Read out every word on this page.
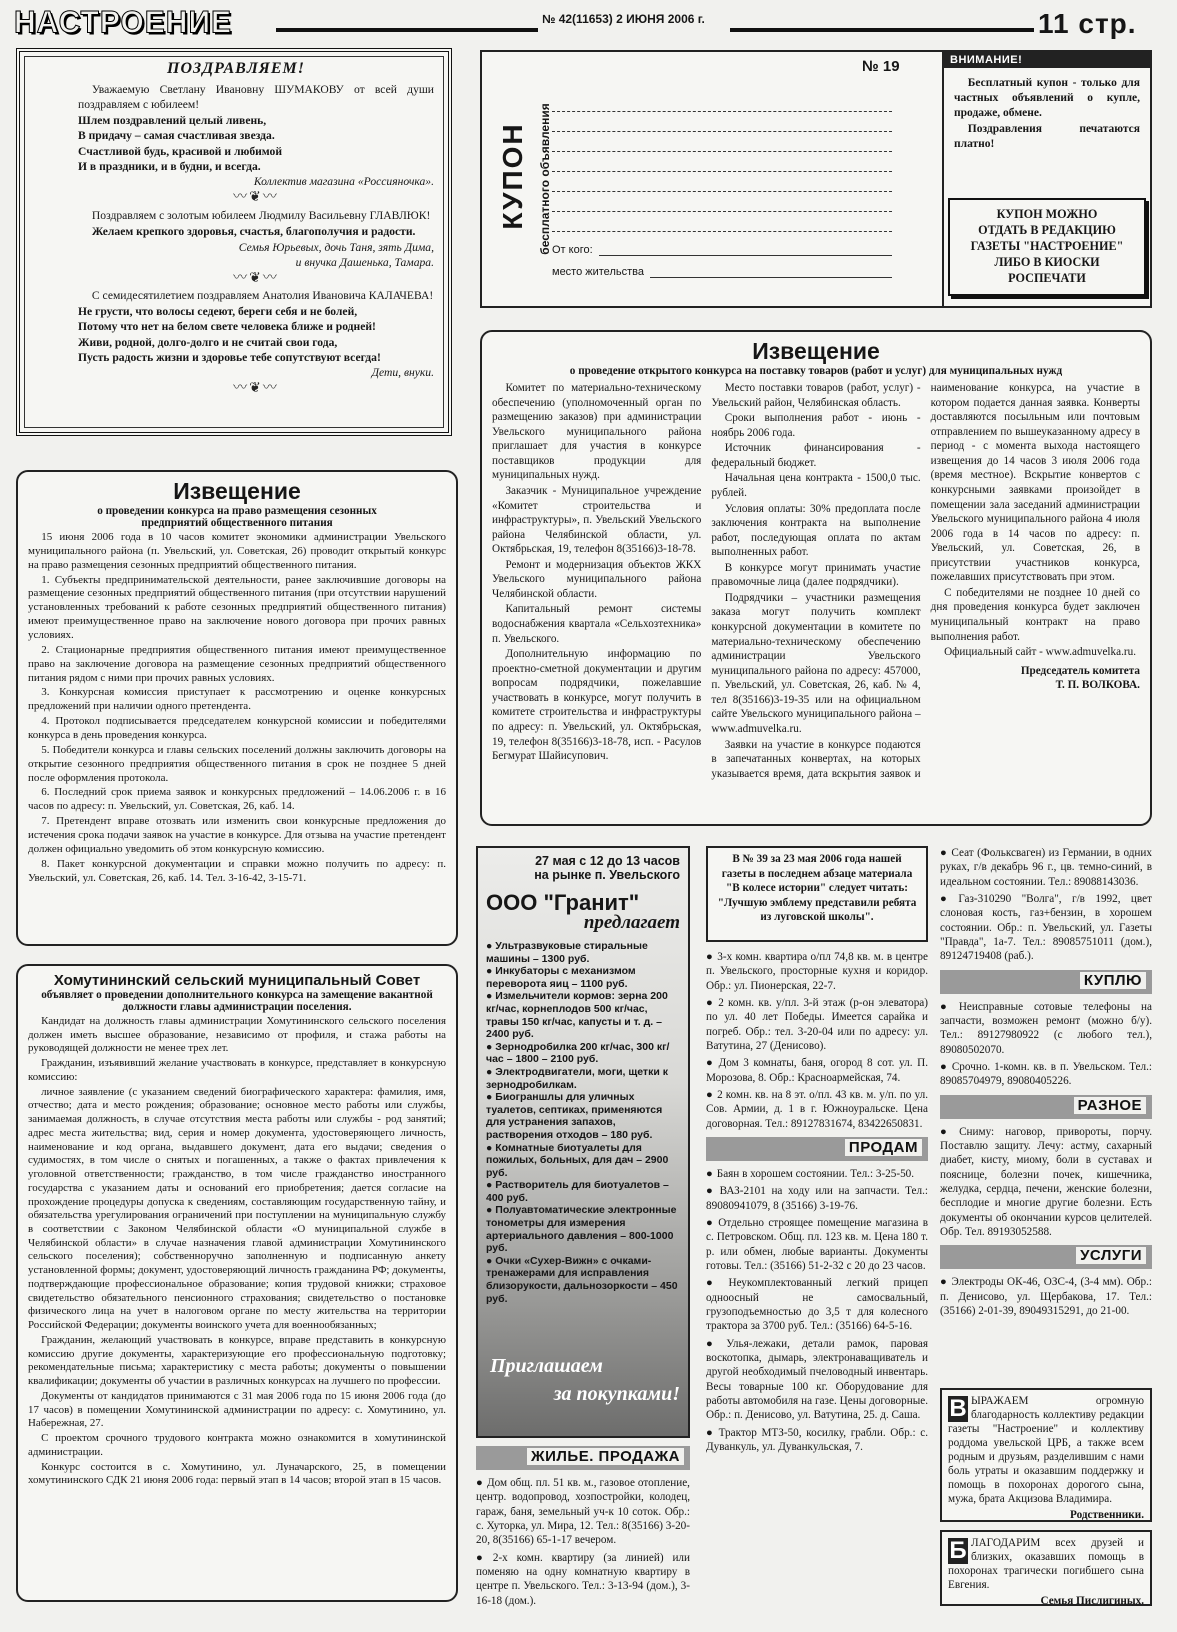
НАСТРОЕНИЕ	№ 42(11653) 2 ИЮНЯ 2006 г.	11 стр.
ПОЗДРАВЛЯЕМ!

Уважаемую Светлану Ивановну ШУМАКОВУ от всей души поздравляем с юбилеем!

Шлем поздравлений целый ливень,
В придачу – самая счастливая звезда.
Счастливой будь, красивой и любимой
И в праздники, и в будни, и всегда.
Коллектив магазина «Россияночка».
〰❦〰

Поздравляем с золотым юбилеем Людмилу Васильевну ГЛАВЛЮК!

Желаем крепкого здоровья, счастья, благополучия и радости.

Семья Юрьевых, дочь Таня, зять Дима,
и внучка Дашенька, Тамара.
〰❦〰

С семидесятилетием поздравляем Анатолия Ивановича КАЛАЧЕВА!

Не грусти, что волосы седеют, береги себя и не болей,
Потому что нет на белом свете человека ближе и родней!
Живи, родной, долго-долго и не считай свои года,
Пусть радость жизни и здоровье тебе сопутствуют всегда!
Дети, внуки.
〰❦〰
КУПОН бесплатного объявления
№ 19
От кого:
место жительства
ВНИМАНИЕ!

Бесплатный купон - только для частных объявлений о купле, продаже, обмене.

Поздравления печатаются платно!

КУПОН МОЖНО
ОТДАТЬ В РЕДАКЦИЮ
ГАЗЕТЫ "НАСТРОЕНИЕ"
ЛИБО В КИОСКИ
РОСПЕЧАТИ
Извещение
о проведение открытого конкурса на поставку товаров (работ и услуг) для муниципальных нужд

Комитет по материально-техническому обеспечению (уполномоченный орган по размещению заказов) при администрации Увельского муниципального района приглашает для участия в конкурсе поставщиков продукции для муниципальных нужд.

Заказчик - Муниципальное учреждение «Комитет строительства и инфраструктуры», п. Увельский Увельского района Челябинской области, ул. Октябрьская, 19, телефон 8(35166)3-18-78.

Ремонт и модернизация объектов ЖКХ Увельского муниципального района Челябинской области.

Капитальный ремонт системы водоснабжения квартала «Сельхозтехника» п. Увельского.

Дополнительную информацию по проектно-сметной документации и другим вопросам подрядчики, пожелавшие участвовать в конкурсе, могут получить в комитете строительства и инфраструктуры по адресу: п. Увельский, ул. Октябрьская, 19, телефон 8(35166)3-18-78, исп. - Расулов Бегмурат Шайисупович.

Место поставки товаров (работ, услуг) - Увельский район, Челябинская область.

Сроки выполнения работ - июнь - ноябрь 2006 года.

Источник финансирования - федеральный бюджет.

Начальная цена контракта - 1500,0 тыс. рублей.

Условия оплаты: 30% предоплата после заключения контракта на выполнение работ, последующая оплата по актам выполненных работ.

В конкурсе могут принимать участие правомочные лица (далее подрядчики).

Подрядчики – участники размещения заказа могут получить комплект конкурсной документации в комитете по материально-техническому обеспечению администрации Увельского муниципального района по адресу: 457000, п. Увельский, ул. Советская, 26, каб. № 4, тел 8(35166)3-19-35 или на официальном сайте Увельского муниципального района – www.admuvelka.ru.

Заявки на участие в конкурсе подаются в запечатанных конвертах, на которых указывается время, дата вскрытия заявок и наименование конкурса, на участие в котором подается данная заявка. Конверты доставляются посыльным или почтовым отправлением по вышеуказанному адресу в период - с момента выхода настоящего извещения до 14 часов 3 июля 2006 года (время местное). Вскрытие конвертов с конкурсными заявками произойдет в помещении зала заседаний администрации Увельского муниципального района 4 июля 2006 года в 14 часов по адресу: п. Увельский, ул. Советская, 26, в присутствии участников конкурса, пожелавших присутствовать при этом.

С победителями не позднее 10 дней со дня проведения конкурса будет заключен муниципальный контракт на право выполнения работ.

Официальный сайт - www.admuvelka.ru.

Председатель комитета
Т. П. ВОЛКОВА.
Извещение
о проведении конкурса на право размещения сезонных предприятий общественного питания

15 июня 2006 года в 10 часов комитет экономики администрации Увельского муниципального района (п. Увельский, ул. Советская, 26) проводит открытый конкурс на право размещения сезонных предприятий общественного питания.

1. Субъекты предпринимательской деятельности, ранее заключившие договоры на размещение сезонных предприятий общественного питания (при отсутствии нарушений установленных требований к работе сезонных предприятий общественного питания) имеют преимущественное право на заключение нового договора при прочих равных условиях.

2. Стационарные предприятия общественного питания имеют преимущественное право на заключение договора на размещение сезонных предприятий общественного питания рядом с ними при прочих равных условиях.

3. Конкурсная комиссия приступает к рассмотрению и оценке конкурсных предложений при наличии одного претендента.

4. Протокол подписывается председателем конкурсной комиссии и победителями конкурса в день проведения конкурса.

5. Победители конкурса и главы сельских поселений должны заключить договоры на открытие сезонного предприятия общественного питания в срок не позднее 5 дней после оформления протокола.

6. Последний срок приема заявок и конкурсных предложений – 14.06.2006 г. в 16 часов по адресу: п. Увельский, ул. Советская, 26, каб. 14.

7. Претендент вправе отозвать или изменить свои конкурсные предложения до истечения срока подачи заявок на участие в конкурсе. Для отзыва на участие претендент должен официально уведомить об этом конкурсную комиссию.

8. Пакет конкурсной документации и справки можно получить по адресу: п. Увельский, ул. Советская, 26, каб. 14. Тел. 3-16-42, 3-15-71.

Хомутининский сельский муниципальный Совет
объявляет о проведении дополнительного конкурса на замещение вакантной должности главы администрации поселения.

Кандидат на должность главы администрации Хомутининского сельского поселения должен иметь высшее образование, независимо от профиля, и стажа работы на руководящей должности не менее трех лет.

Гражданин, изъявивший желание участвовать в конкурсе, представляет в конкурсную комиссию:

личное заявление (с указанием сведений биографического характера: фамилия, имя, отчество; дата и место рождения; образование; основное место работы или службы, занимаемая должность, в случае отсутствия места работы или службы - род занятий; адрес места жительства; вид, серия и номер документа, удостоверяющего личность, наименование и код органа, выдавшего документ, дата его выдачи; сведения о судимостях, в том числе о снятых и погашенных, а также о фактах привлечения к уголовной ответственности; гражданство, в том числе гражданство иностранного государства с указанием даты и оснований его приобретения; дается согласие на прохождение процедуры допуска к сведениям, составляющим государственную тайну, и обязательства урегулирования ограничений при поступлении на муниципальную службу в соответствии с Законом Челябинской области «О муниципальной службе в Челябинской области» в случае назначения главой администрации Хомутининского сельского поселения); собственноручно заполненную и подписанную анкету установленной формы; документ, удостоверяющий личность гражданина РФ; документы, подтверждающие профессиональное образование; копия трудовой книжки; страховое свидетельство обязательного пенсионного страхования; свидетельство о постановке физического лица на учет в налоговом органе по месту жительства на территории Российской Федерации; документы воинского учета для военнообязанных;

Гражданин, желающий участвовать в конкурсе, вправе представить в конкурсную комиссию другие документы, характеризующие его профессиональную подготовку; рекомендательные письма; характеристику с места работы; документы о повышении квалификации; документы об участии в различных конкурсах на лучшего по профессии.

Документы от кандидатов принимаются с 31 мая 2006 года по 15 июня 2006 года (до 17 часов) в помещении Хомутининской администрации по адресу: с. Хомутинино, ул. Набережная, 27.

С проектом срочного трудового контракта можно ознакомится в хомутининской администрации.

Конкурс состоится в с. Хомутинино, ул. Луначарского, 25, в помещении хомутининского СДК 21 июня 2006 года: первый этап в 14 часов; второй этап в 15 часов.

27 мая с 12 до 13 часов
на рынке п. Увельского
ООО "Гранит"
предлагает
● Ультразвуковые стиральные машины – 1300 руб.
● Инкубаторы с механизмом переворота яиц – 1100 руб.
● Измельчители кормов: зерна 200 кг/час, корнеплодов 500 кг/час, травы 150 кг/час, капусты и т. д. – 2400 руб.
● Зернодробилка 200 кг/час, 300 кг/час – 1800 – 2100 руб.
● Электродвигатели, моги, щетки к зернодробилкам.
● Биограншлы для уличных туалетов, септиках, применяются для устранения запахов, растворения отходов – 180 руб.
● Комнатные биотуалеты для пожилых, больных, для дач – 2900 руб.
● Растворитель для биотуалетов – 400 руб.
● Полуавтоматические электронные тонометры для измерения артериального давления – 800-1000 руб.
● Очки «Сухер-Вижн» с очками-тренажерами для исправления близорукости, дальнозоркости – 450 руб.
Приглашаем
за покупками!
ЖИЛЬЕ. ПРОДАЖА
● Дом общ. пл. 51 кв. м., газовое отопление, центр. водопровод, хозпостройки, колодец, гараж, баня, земельный уч-к 10 соток. Обр.: с. Хуторка, ул. Мира, 12. Тел.: 8(35166) 3-20-20, 8(35166) 65-1-17 вечером.
● 2-х комн. квартиру (за линией) или поменяю на одну комнатную квартиру в центре п. Увельского. Тел.: 3-13-94 (дом.), 3-16-18 (дом.).
В № 39 за 23 мая 2006 года нашей газеты в последнем абзаце материала "В колесе истории" следует читать: "Лучшую эмблему представили ребята из луговской школы".
● 3-х комн. квартира о/пл 74,8 кв. м. в центре п. Увельского, просторные кухня и коридор. Обр.: ул. Пионерская, 22-7.
● 2 комн. кв. у/пл. 3-й этаж (р-он элеватора) по ул. 40 лет Победы. Имеется сарайка и погреб. Обр.: тел. 3-20-04 или по адресу: ул. Ватутина, 27 (Денисово).
● Дом 3 комнаты, баня, огород 8 сот. ул. П. Морозова, 8. Обр.: Красноармейская, 74.
● 2 комн. кв. на 8 эт. о/пл. 43 кв. м. у/п. по ул. Сов. Армии, д. 1 в г. Южноуральске. Цена договорная. Тел.: 89127831674, 83422650831.
ПРОДАМ
● Баян в хорошем состоянии. Тел.: 3-25-50.
● ВАЗ-2101 на ходу или на запчасти. Тел.: 89080941079, 8 (35166) 3-19-76.
● Отдельно строящее помещение магазина в с. Петровском. Общ. пл. 123 кв. м. Цена 180 т. р. или обмен, любые варианты. Документы готовы. Тел.: (35166) 51-2-32 с 20 до 23 часов.
● Неукомплектованный легкий прицеп одноосный не самосвальный, грузоподъемностью до 3,5 т для колесного трактора за 3700 руб. Тел.: (35166) 64-5-16.
● Улья-лежаки, детали рамок, паровая воскотопка, дымарь, электронаващиватель и другой необходимый пчеловодный инвентарь. Весы товарные 100 кг. Оборудование для работы автомобиля на газе. Цены договорные. Обр.: п. Денисово, ул. Ватутина, 25. д. Саша.
● Трактор МТЗ-50, косилку, грабли. Обр.: с. Дуванкуль, ул. Дуванкульская, 7.
● Сеат (Фольксваген) из Германии, в одних руках, г/в декабрь 96 г., цв. темно-синий, в идеальном состоянии. Тел.: 89088143036.
● Газ-310290 "Волга", г/в 1992, цвет слоновая кость, газ+бензин, в хорошем состоянии. Обр.: п. Увельский, ул. Газеты "Правда", 1а-7. Тел.: 89085751011 (дом.), 89124719408 (раб.).
КУПЛЮ
● Неисправные сотовые телефоны на запчасти, возможен ремонт (можно б/у). Тел.: 89127980922 (с любого тел.), 89080502070.
● Срочно. 1-комн. кв. в п. Увельском. Тел.: 89085704979, 89080405226.
РАЗНОЕ
● Сниму: наговор, привороты, порчу. Поставлю защиту. Лечу: астму, сахарный диабет, кисту, миому, боли в суставах и пояснице, болезни почек, кишечника, желудка, сердца, печени, женские болезни, бесплодие и многие другие болезни. Есть документы об окончании курсов целителей. Обр. Тел. 89193052588.
УСЛУГИ
● Электроды ОК-46, ОЗС-4, (3-4 мм). Обр.: п. Денисово, ул. Щербакова, 17. Тел.: (35166) 2-01-39, 89049315291, до 21-00.
В ЫРАЖАЕМ огромную благодарность коллективу редакции газеты "Настроение" и коллективу роддома увельской ЦРБ, а также всем родным и друзьям, разделившим с нами боль утраты и оказавшим поддержку и помощь в похоронах дорогого сына, мужа, брата Акцизова Владимира.
Родственники.
Б ЛАГОДАРИМ всех друзей и близких, оказавших помощь в похоронах трагически погибшего сына Евгения.
Семья Пислигиных.
